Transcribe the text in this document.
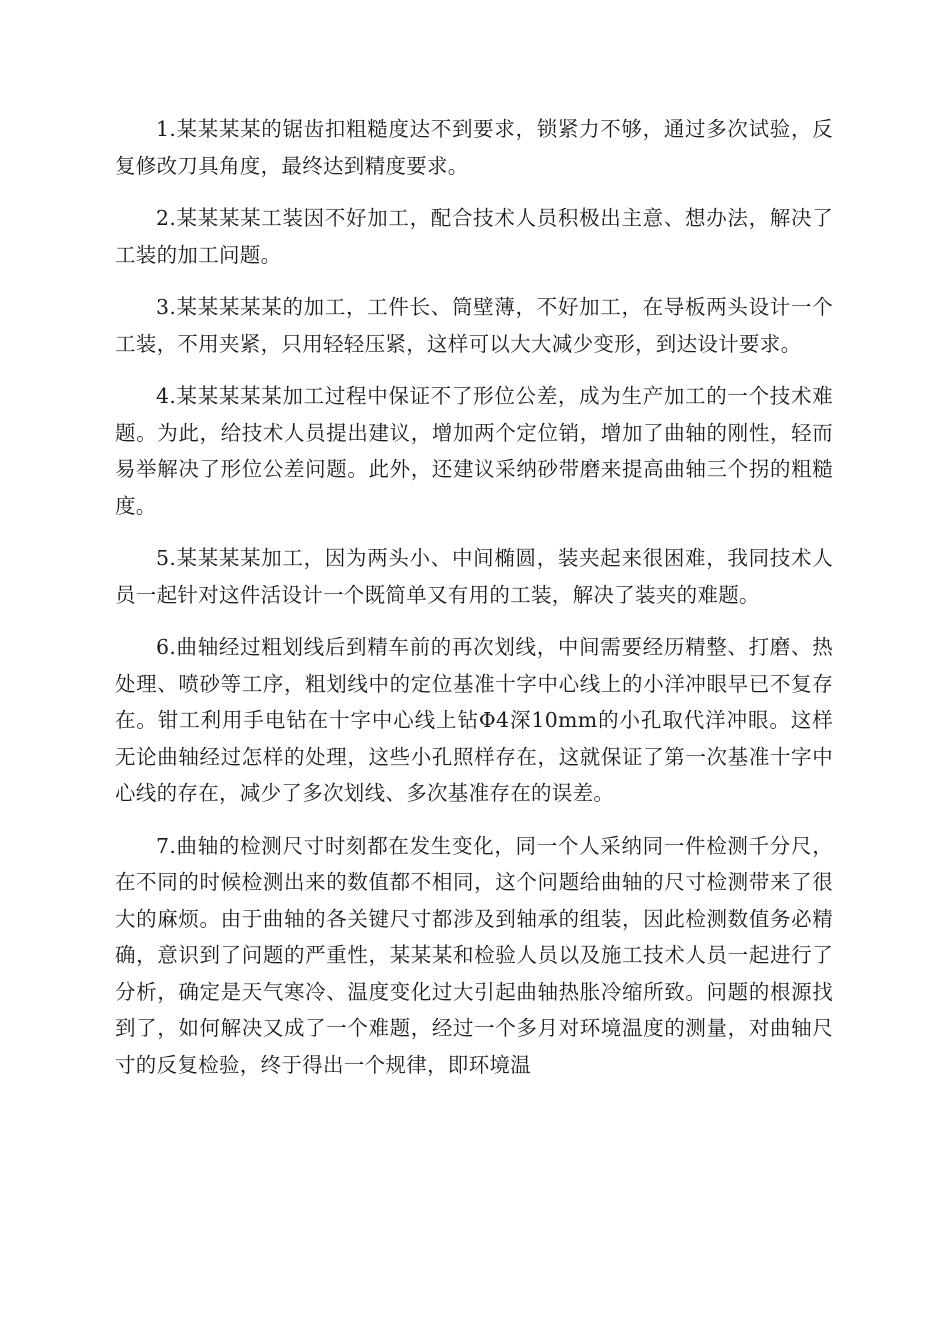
1.某某某某的锯齿扣粗糙度达不到要求，锁紧力不够，通过多次试验，反复修改刀具角度，最终达到精度要求。

2.某某某某工装因不好加工，配合技术人员积极出主意、想办法，解决了工装的加工问题。

3.某某某某某的加工，工件长、筒壁薄，不好加工，在导板两头设计一个工装，不用夹紧，只用轻轻压紧，这样可以大大减少变形，到达设计要求。

4.某某某某某加工过程中保证不了形位公差，成为生产加工的一个技术难题。为此，给技术人员提出建议，增加两个定位销，增加了曲轴的刚性，轻而易举解决了形位公差问题。此外，还建议采纳砂带磨来提高曲轴三个拐的粗糙度。

5.某某某某加工，因为两头小、中间椭圆，装夹起来很困难，我同技术人员一起针对这件活设计一个既简单又有用的工装，解决了装夹的难题。

6.曲轴经过粗划线后到精车前的再次划线，中间需要经历精整、打磨、热处理、喷砂等工序，粗划线中的定位基准十字中心线上的小洋冲眼早已不复存在。钳工利用手电钻在十字中心线上钻Φ4深10mm的小孔取代洋冲眼。这样无论曲轴经过怎样的处理，这些小孔照样存在，这就保证了第一次基准十字中心线的存在，减少了多次划线、多次基准存在的误差。

7.曲轴的检测尺寸时刻都在发生变化，同一个人采纳同一件检测千分尺，在不同的时候检测出来的数值都不相同，这个问题给曲轴的尺寸检测带来了很大的麻烦。由于曲轴的各关键尺寸都涉及到轴承的组装，因此检测数值务必精确，意识到了问题的严重性，某某某和检验人员以及施工技术人员一起进行了分析，确定是天气寒冷、温度变化过大引起曲轴热胀冷缩所致。问题的根源找到了，如何解决又成了一个难题，经过一个多月对环境温度的测量，对曲轴尺寸的反复检验，终于得出一个规律，即环境温
